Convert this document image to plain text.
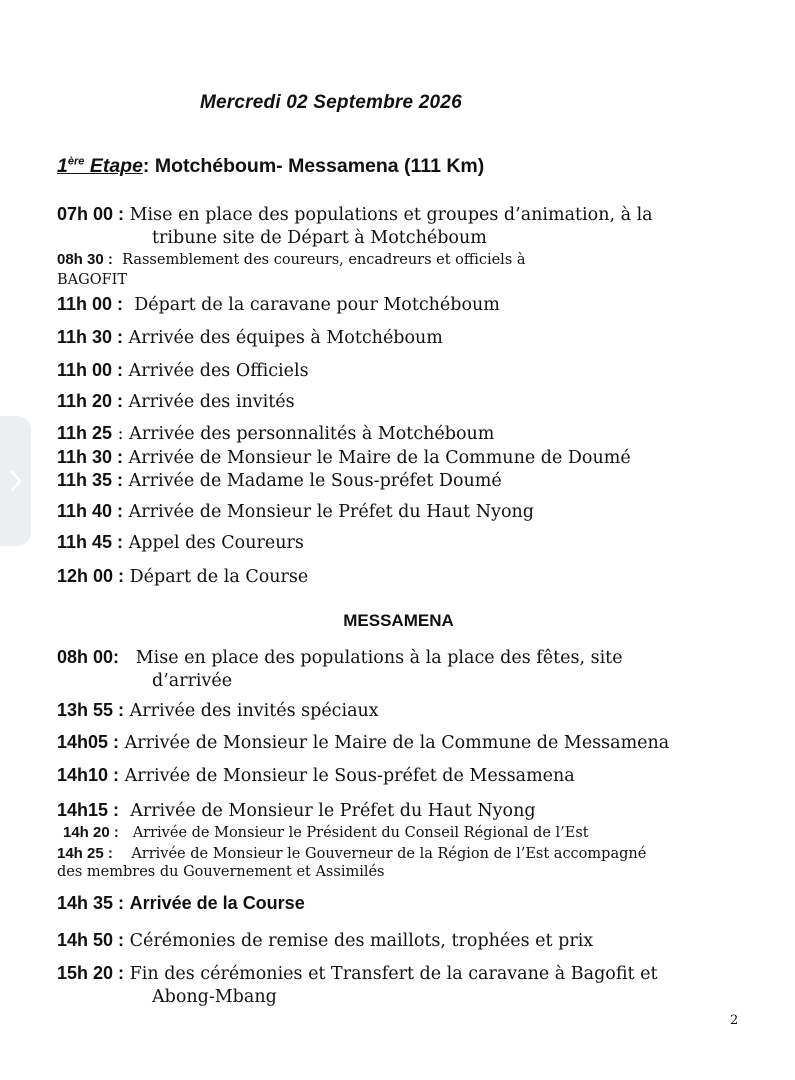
Mercredi 02 Septembre 2026
1ère Etape: Motchéboum- Messamena (111 Km)
07h 00 : Mise en place des populations et groupes d’animation, à la
tribune site de Départ à Motchéboum
08h 30 : Rassemblement des coureurs, encadreurs et officiels à
BAGOFIT
11h 00 : Départ de la caravane pour Motchéboum
11h 30 : Arrivée des équipes à Motchéboum
11h 00 : Arrivée des Officiels
11h 20 : Arrivée des invités
11h 25 : Arrivée des personnalités à Motchéboum
11h 30 : Arrivée de Monsieur le Maire de la Commune de Doumé
11h 35 : Arrivée de Madame le Sous-préfet Doumé
11h 40 : Arrivée de Monsieur le Préfet du Haut Nyong
11h 45 : Appel des Coureurs
12h 00 : Départ de la Course
MESSAMENA
08h 00: Mise en place des populations à la place des fêtes, site
d’arrivée
13h 55 : Arrivée des invités spéciaux
14h05 : Arrivée de Monsieur le Maire de la Commune de Messamena
14h10 : Arrivée de Monsieur le Sous-préfet de Messamena
14h15 : Arrivée de Monsieur le Préfet du Haut Nyong
14h 20 : Arrivée de Monsieur le Président du Conseil Régional de l’Est
14h 25 : Arrivée de Monsieur le Gouverneur de la Région de l’Est accompagné
des membres du Gouvernement et Assimilés
14h 35 : Arrivée de la Course
14h 50 : Cérémonies de remise des maillots, trophées et prix
15h 20 : Fin des cérémonies et Transfert de la caravane à Bagofit et
Abong-Mbang
2
